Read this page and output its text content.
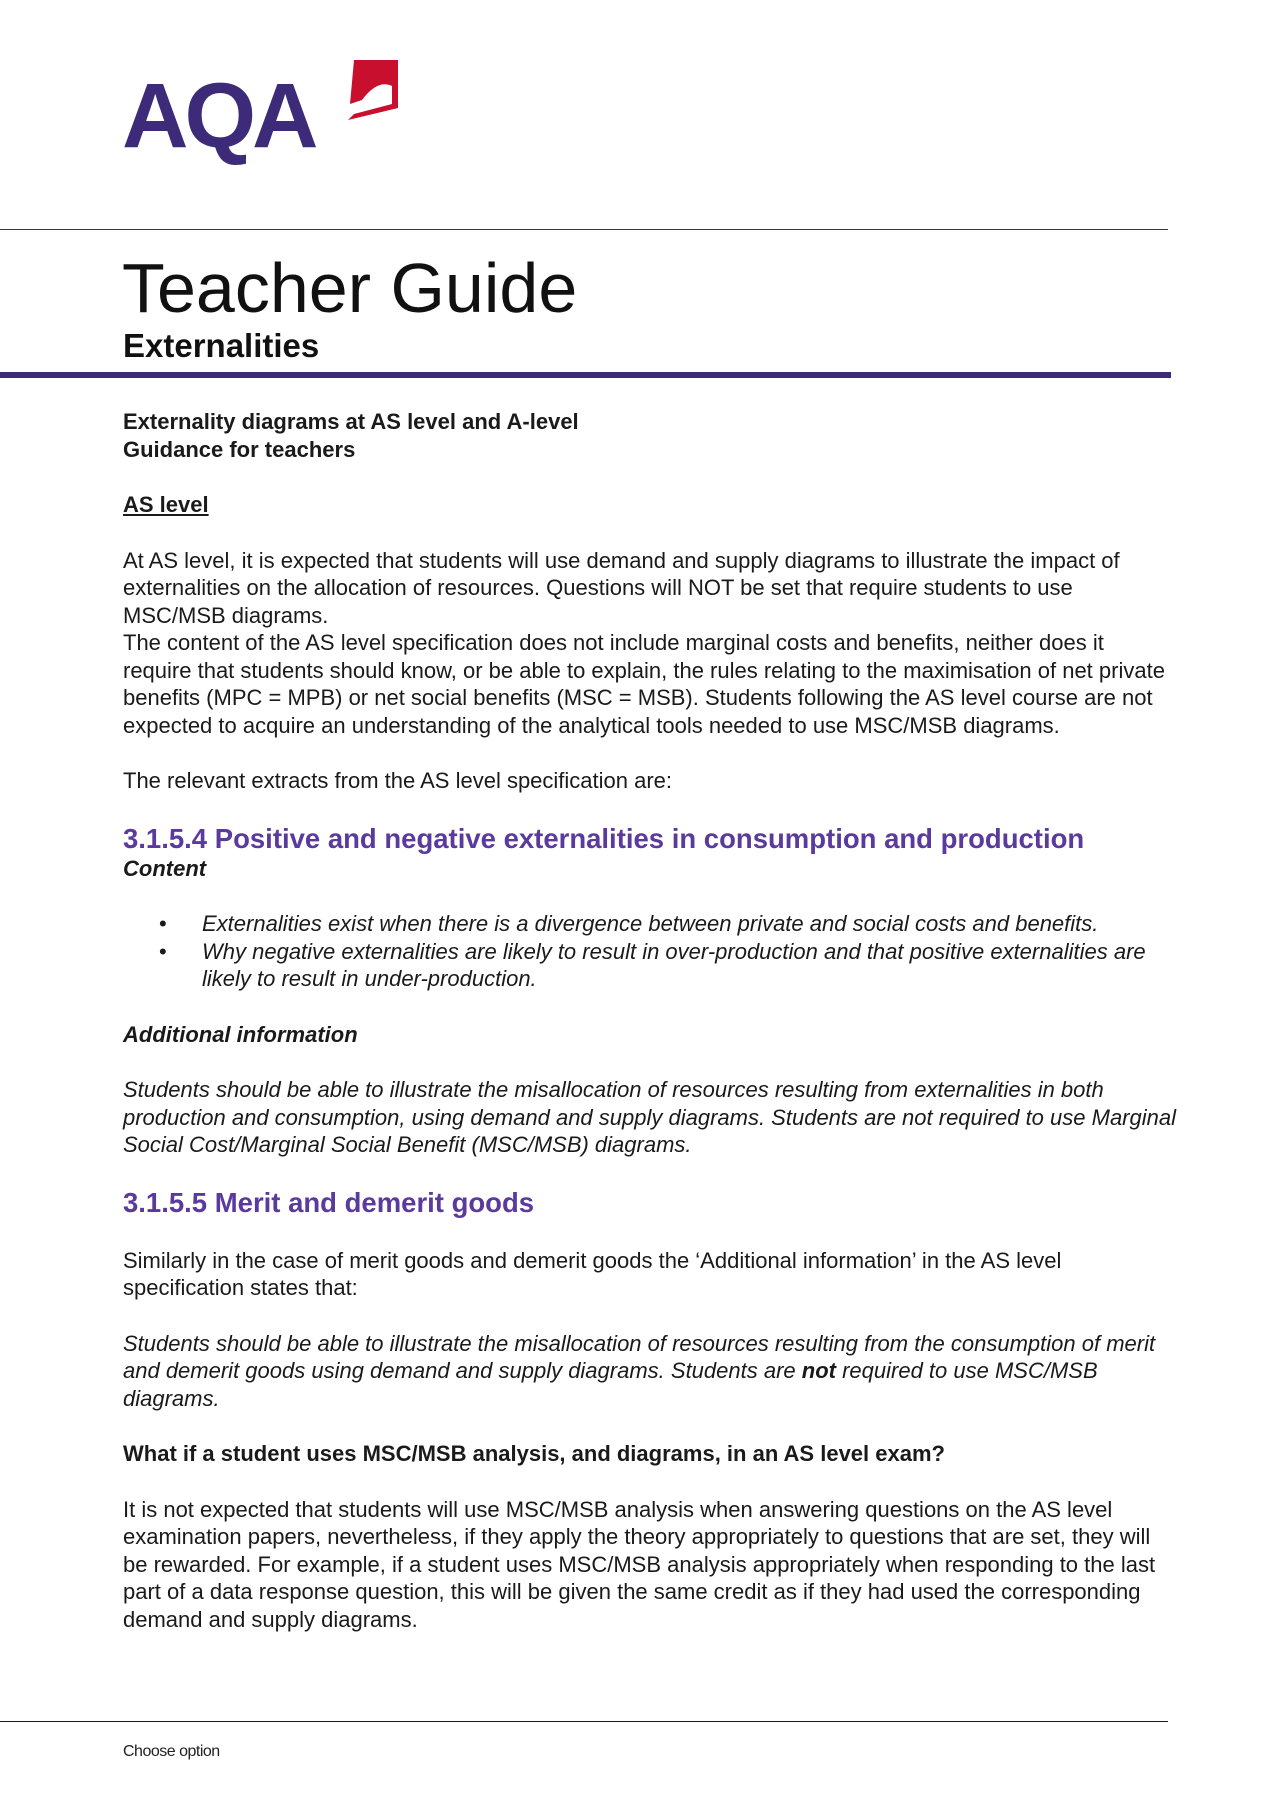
AQA
Teacher Guide
Externalities

Externality diagrams at AS level and A-level

Guidance for teachers

AS level

At AS level, it is expected that students will use demand and supply diagrams to illustrate the impact of externalities on the allocation of resources. Questions will NOT be set that require students to use MSC/MSB diagrams.

The content of the AS level specification does not include marginal costs and benefits, neither does it require that students should know, or be able to explain, the rules relating to the maximisation of net private benefits (MPC = MPB) or net social benefits (MSC = MSB). Students following the AS level course are not expected to acquire an understanding of the analytical tools needed to use MSC/MSB diagrams.

The relevant extracts from the AS level specification are:

3.1.5.4 Positive and negative externalities in consumption and production

Content

• Externalities exist when there is a divergence between private and social costs and benefits.
• Why negative externalities are likely to result in over-production and that positive externalities are likely to result in under-production.

Additional information

Students should be able to illustrate the misallocation of resources resulting from externalities in both production and consumption, using demand and supply diagrams. Students are not required to use Marginal Social Cost/Marginal Social Benefit (MSC/MSB) diagrams.

3.1.5.5 Merit and demerit goods

Similarly in the case of merit goods and demerit goods the ‘Additional information’ in the AS level specification states that:

Students should be able to illustrate the misallocation of resources resulting from the consumption of merit and demerit goods using demand and supply diagrams. Students are not required to use MSC/MSB diagrams.

What if a student uses MSC/MSB analysis, and diagrams, in an AS level exam?

It is not expected that students will use MSC/MSB analysis when answering questions on the AS level examination papers, nevertheless, if they apply the theory appropriately to questions that are set, they will be rewarded. For example, if a student uses MSC/MSB analysis appropriately when responding to the last part of a data response question, this will be given the same credit as if they had used the corresponding demand and supply diagrams.

Choose option
